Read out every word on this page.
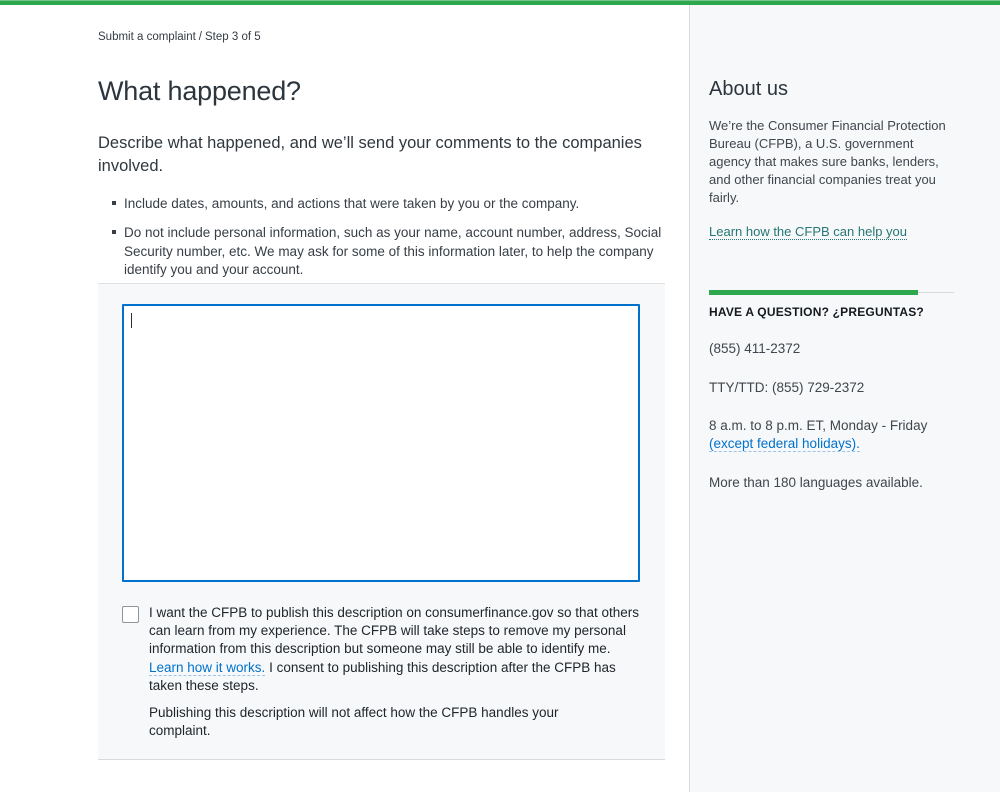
Submit a complaint / Step 3 of 5
What happened?
Describe what happened, and we’ll send your comments to the companies involved.
Include dates, amounts, and actions that were taken by you or the company.
Do not include personal information, such as your name, account number, address, Social Security number, etc. We may ask for some of this information later, to help the company identify you and your account.
I want the CFPB to publish this description on consumerfinance.gov so that others can learn from my experience. The CFPB will take steps to remove my personal information from this description but someone may still be able to identify me. Learn how it works. I consent to publishing this description after the CFPB has taken these steps.
Publishing this description will not affect how the CFPB handles your complaint.
About us
We’re the Consumer Financial Protection Bureau (CFPB), a U.S. government agency that makes sure banks, lenders, and other financial companies treat you fairly.
Learn how the CFPB can help you
HAVE A QUESTION? ¿PREGUNTAS?
(855) 411-2372
TTY/TTD: (855) 729-2372
8 a.m. to 8 p.m. ET, Monday - Friday (except federal holidays).
More than 180 languages available.
